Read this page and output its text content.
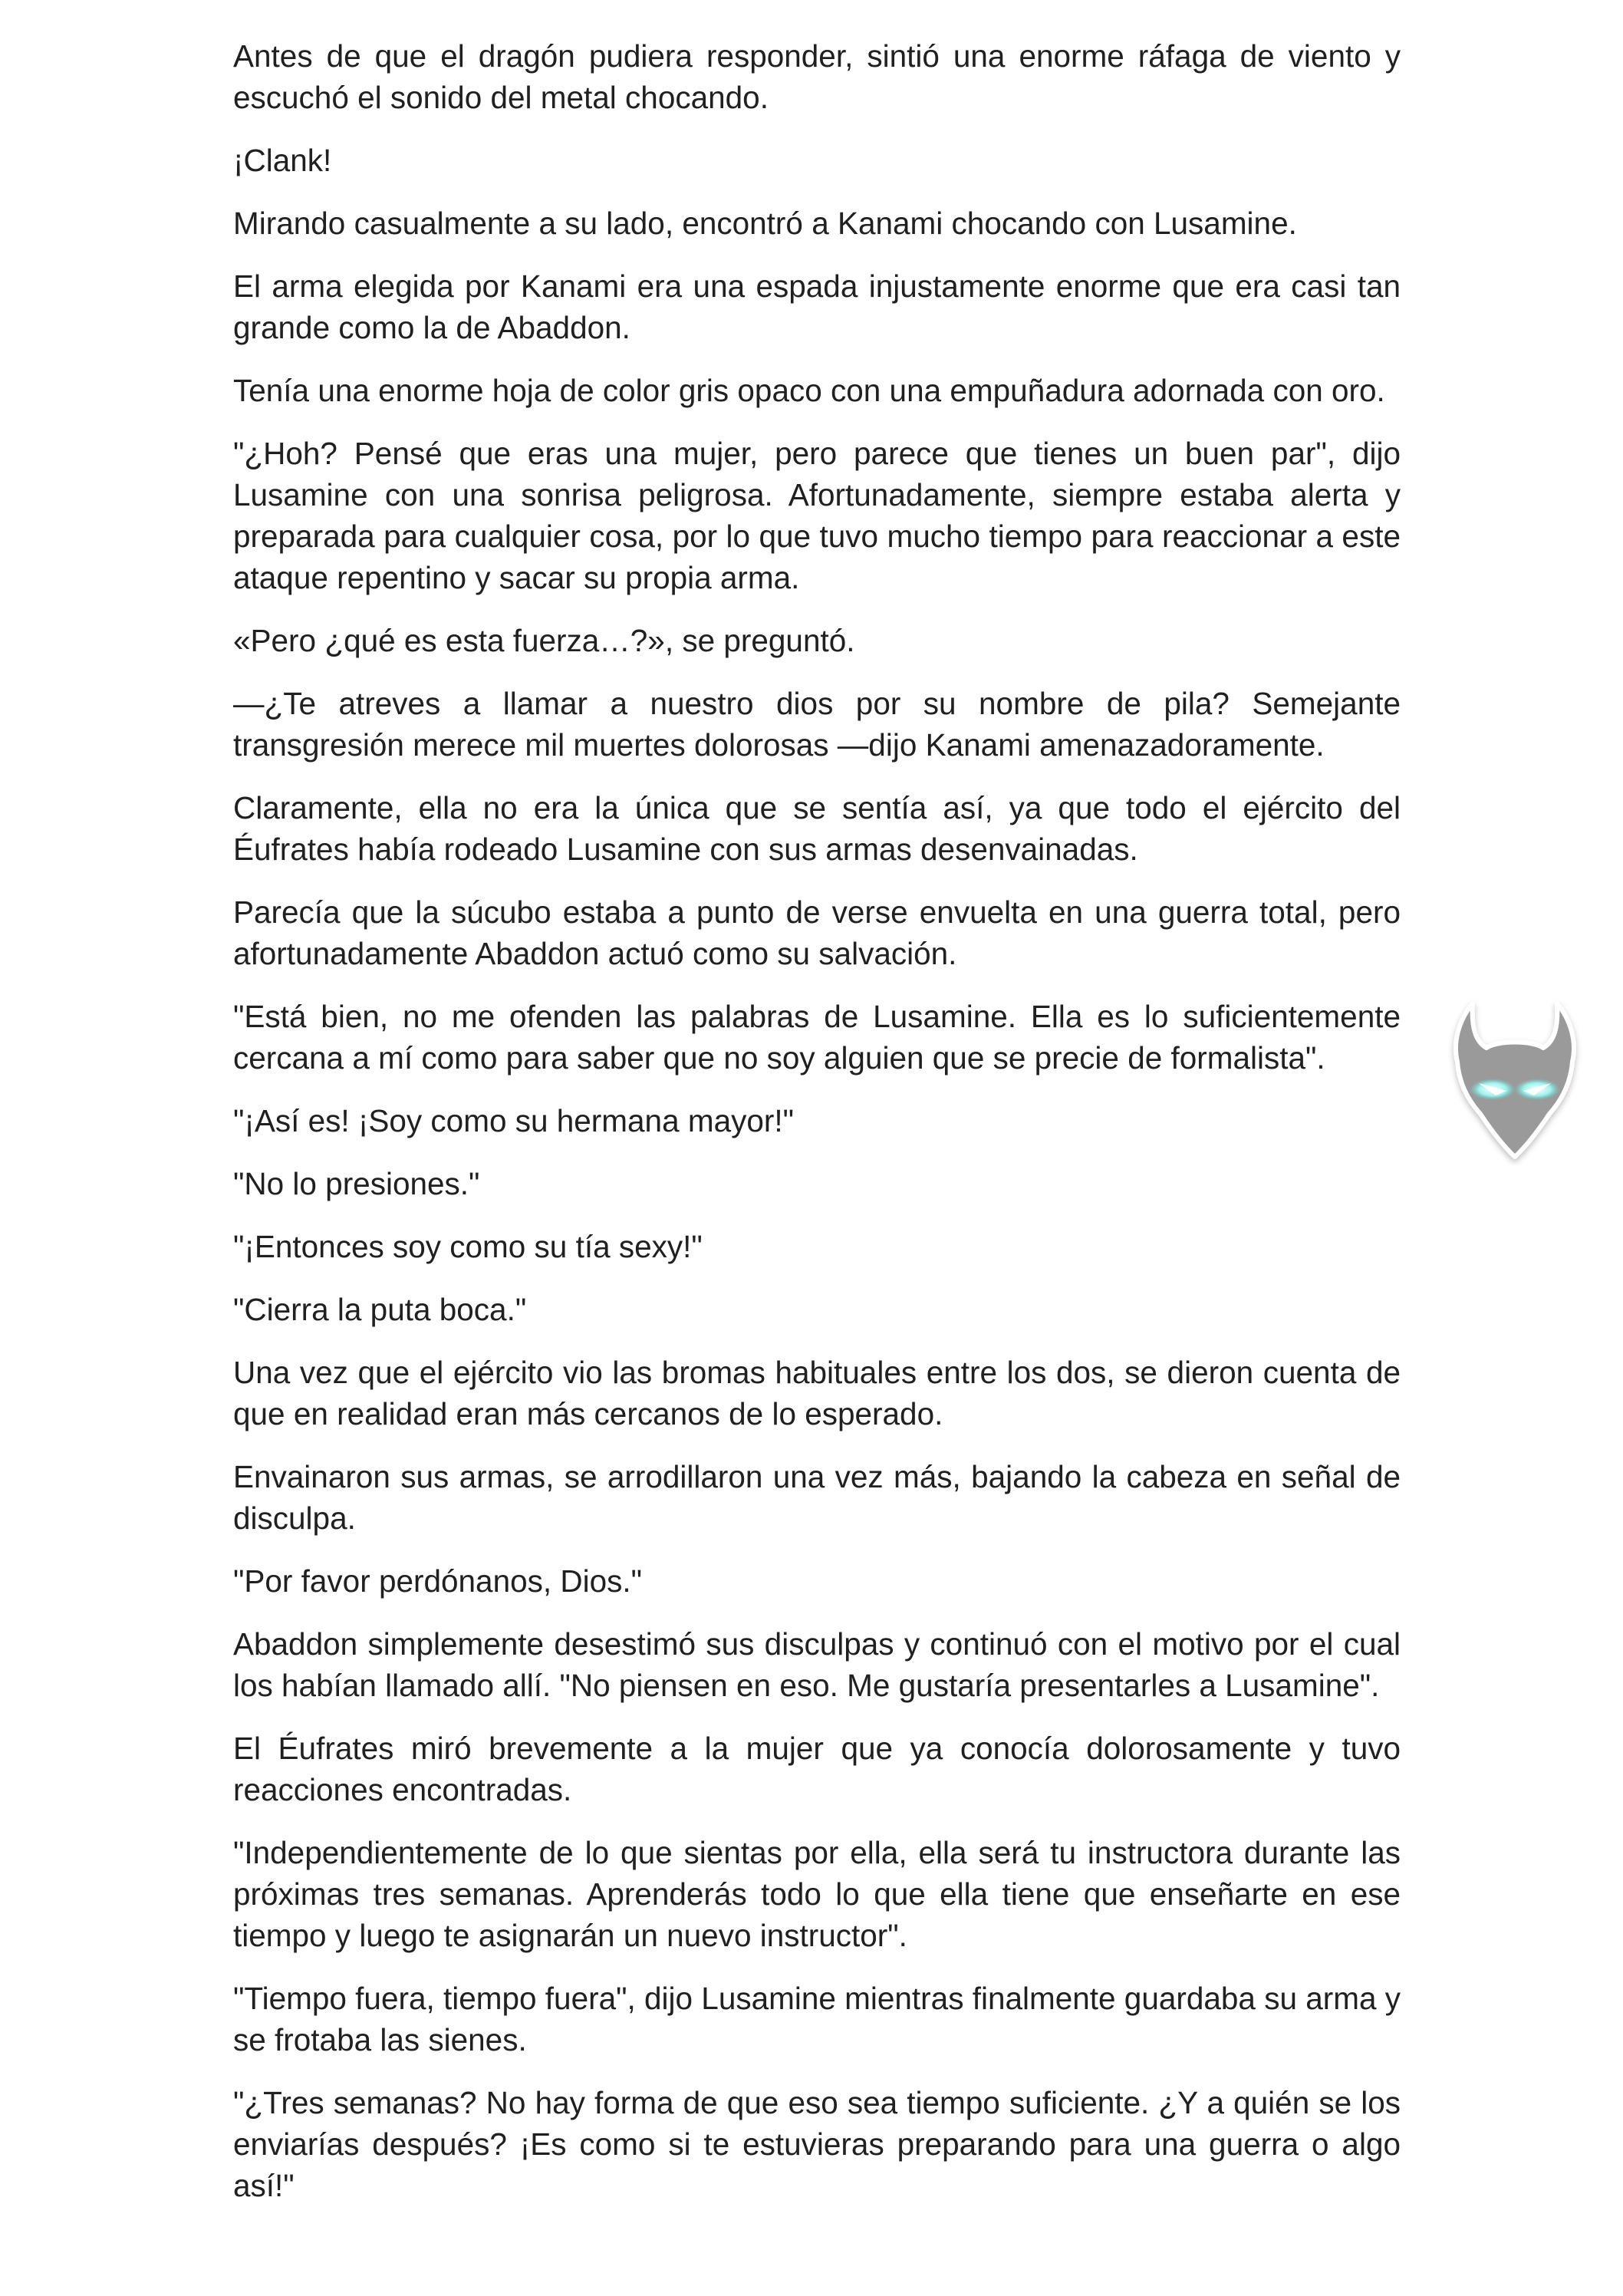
Antes de que el dragón pudiera responder, sintió una enorme ráfaga de viento y escuchó el sonido del metal chocando.

¡Clank!

Mirando casualmente a su lado, encontró a Kanami chocando con Lusamine.

El arma elegida por Kanami era una espada injustamente enorme que era casi tan grande como la de Abaddon.

Tenía una enorme hoja de color gris opaco con una empuñadura adornada con oro.

"¿Hoh? Pensé que eras una mujer, pero parece que tienes un buen par", dijo Lusamine con una sonrisa peligrosa. Afortunadamente, siempre estaba alerta y preparada para cualquier cosa, por lo que tuvo mucho tiempo para reaccionar a este ataque repentino y sacar su propia arma.

«Pero ¿qué es esta fuerza…?», se preguntó.

—¿Te atreves a llamar a nuestro dios por su nombre de pila? Semejante transgresión merece mil muertes dolorosas —dijo Kanami amenazadoramente.

Claramente, ella no era la única que se sentía así, ya que todo el ejército del Éufrates había rodeado Lusamine con sus armas desenvainadas.

Parecía que la súcubo estaba a punto de verse envuelta en una guerra total, pero afortunadamente Abaddon actuó como su salvación.

"Está bien, no me ofenden las palabras de Lusamine. Ella es lo suficientemente cercana a mí como para saber que no soy alguien que se precie de formalista".

"¡Así es! ¡Soy como su hermana mayor!"

"No lo presiones."

"¡Entonces soy como su tía sexy!"

"Cierra la puta boca."

Una vez que el ejército vio las bromas habituales entre los dos, se dieron cuenta de que en realidad eran más cercanos de lo esperado.

Envainaron sus armas, se arrodillaron una vez más, bajando la cabeza en señal de disculpa.

"Por favor perdónanos, Dios."

Abaddon simplemente desestimó sus disculpas y continuó con el motivo por el cual los habían llamado allí. "No piensen en eso. Me gustaría presentarles a Lusamine".

El Éufrates miró brevemente a la mujer que ya conocía dolorosamente y tuvo reacciones encontradas.

"Independientemente de lo que sientas por ella, ella será tu instructora durante las próximas tres semanas. Aprenderás todo lo que ella tiene que enseñarte en ese tiempo y luego te asignarán un nuevo instructor".

"Tiempo fuera, tiempo fuera", dijo Lusamine mientras finalmente guardaba su arma y se frotaba las sienes.

"¿Tres semanas? No hay forma de que eso sea tiempo suficiente. ¿Y a quién se los enviarías después? ¡Es como si te estuvieras preparando para una guerra o algo así!"
